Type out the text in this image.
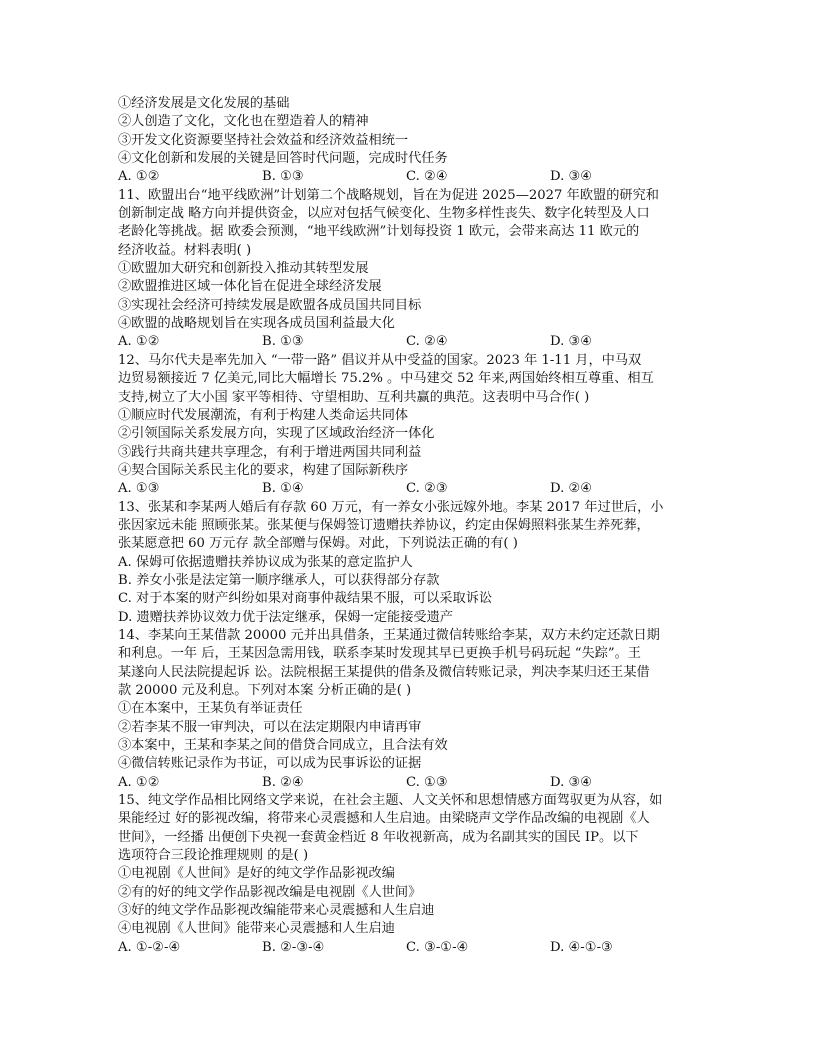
①经济发展是文化发展的基础
②人创造了文化，文化也在塑造着人的精神
③开发文化资源要坚持社会效益和经济效益相统一
④文化创新和发展的关键是回答时代问题，完成时代任务
A. ①②	B. ①③	C. ②④	D. ③④
11、欧盟出台“地平线欧洲”计划第二个战略规划，旨在为促进 2025—2027 年欧盟的研究和
创新制定战 略方向并提供资金，以应对包括气候变化、生物多样性丧失、数字化转型及人口
老龄化等挑战。据 欧委会预测，“地平线欧洲”计划每投资 1 欧元，会带来高达 11 欧元的
经济收益。材料表明( )
①欧盟加大研究和创新投入推动其转型发展
②欧盟推进区域一体化旨在促进全球经济发展
③实现社会经济可持续发展是欧盟各成员国共同目标
④欧盟的战略规划旨在实现各成员国利益最大化
A. ①②	B. ①③	C. ②④	D. ③④
12、马尔代夫是率先加入 “一带一路” 倡议并从中受益的国家。2023 年 1-11 月，中马双
边贸易额接近 7 亿美元,同比大幅增长 75.2% 。中马建交 52 年来,两国始终相互尊重、相互
支持,树立了大小国 家平等相待、守望相助、互利共赢的典范。这表明中马合作( )
①顺应时代发展潮流，有利于构建人类命运共同体
②引领国际关系发展方向，实现了区域政治经济一体化
③践行共商共建共享理念，有利于增进两国共同利益
④契合国际关系民主化的要求，构建了国际新秩序
A. ①③	B. ①④	C. ②③	D. ②④
13、张某和李某两人婚后有存款 60 万元，有一养女小张远嫁外地。李某 2017 年过世后，小
张因家远未能 照顾张某。张某便与保姆签订遗赠扶养协议，约定由保姆照料张某生养死葬，
张某愿意把 60 万元存 款全部赠与保姆。对此，下列说法正确的有( )
A. 保姆可依据遗赠扶养协议成为张某的意定监护人
B. 养女小张是法定第一顺序继承人，可以获得部分存款
C. 对于本案的财产纠纷如果对商事仲裁结果不服，可以采取诉讼
D. 遗赠扶养协议效力优于法定继承，保姆一定能接受遗产
14、李某向王某借款 20000 元并出具借条，王某通过微信转账给李某，双方未约定还款日期
和利息。一年 后，王某因急需用钱，联系李某时发现其早已更换手机号码玩起 “失踪”。王
某遂向人民法院提起诉 讼。法院根据王某提供的借条及微信转账记录，判决李某归还王某借
款 20000 元及利息。下列对本案 分析正确的是( )
①在本案中，王某负有举证责任
②若李某不服一审判决，可以在法定期限内申请再审
③本案中，王某和李某之间的借贷合同成立，且合法有效
④微信转账记录作为书证，可以成为民事诉讼的证据
A. ①②	B. ②④	C. ①③	D. ③④
15、纯文学作品相比网络文学来说，在社会主题、人文关怀和思想情感方面驾驭更为从容，如
果能经过 好的影视改编，将带来心灵震撼和人生启迪。由梁晓声文学作品改编的电视剧《人
世间》，一经播 出便创下央视一套黄金档近 8 年收视新高，成为名副其实的国民 IP。以下
选项符合三段论推理规则 的是( )
①电视剧《人世间》是好的纯文学作品影视改编
②有的好的纯文学作品影视改编是电视剧《人世间》
③好的纯文学作品影视改编能带来心灵震撼和人生启迪
④电视剧《人世间》能带来心灵震撼和人生启迪
A. ①-②-④	B. ②-③-④	C. ③-①-④	D. ④-①-③
